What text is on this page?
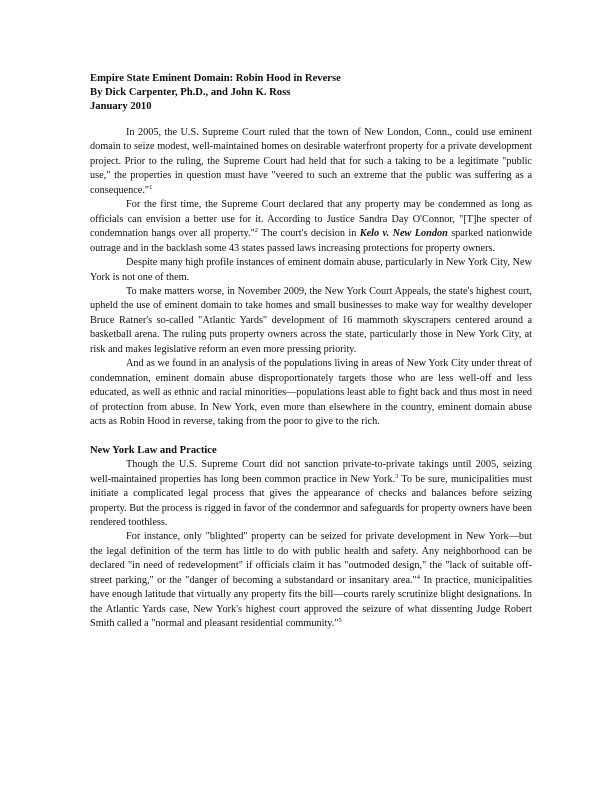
Empire State Eminent Domain: Robin Hood in Reverse

By Dick Carpenter, Ph.D., and John K. Ross

January 2010

In 2005, the U.S. Supreme Court ruled that the town of New London, Conn., could use eminent domain to seize modest, well-maintained homes on desirable waterfront property for a private development project. Prior to the ruling, the Supreme Court had held that for such a taking to be a legitimate "public use," the properties in question must have "veered to such an extreme that the public was suffering as a consequence."$^1$

For the first time, the Supreme Court declared that any property may be condemned as long as officials can envision a better use for it. According to Justice Sandra Day O'Connor, "[T]he specter of condemnation hangs over all property."$^2$ The court's decision in Kelo v. New London sparked nationwide outrage and in the backlash some 43 states passed laws increasing protections for property owners.

Despite many high profile instances of eminent domain abuse, particularly in New York City, New York is not one of them.

To make matters worse, in November 2009, the New York Court Appeals, the state's highest court, upheld the use of eminent domain to take homes and small businesses to make way for wealthy developer Bruce Ratner's so-called "Atlantic Yards" development of 16 mammoth skyscrapers centered around a basketball arena. The ruling puts property owners across the state, particularly those in New York City, at risk and makes legislative reform an even more pressing priority.

And as we found in an analysis of the populations living in areas of New York City under threat of condemnation, eminent domain abuse disproportionately targets those who are less well-off and less educated, as well as ethnic and racial minorities—populations least able to fight back and thus most in need of protection from abuse. In New York, even more than elsewhere in the country, eminent domain abuse acts as Robin Hood in reverse, taking from the poor to give to the rich.

New York Law and Practice

Though the U.S. Supreme Court did not sanction private-to-private takings until 2005, seizing well-maintained properties has long been common practice in New York.$^3$ To be sure, municipalities must initiate a complicated legal process that gives the appearance of checks and balances before seizing property. But the process is rigged in favor of the condemnor and safeguards for property owners have been rendered toothless.

For instance, only "blighted" property can be seized for private development in New York—but the legal definition of the term has little to do with public health and safety. Any neighborhood can be declared "in need of redevelopment" if officials claim it has "outmoded design," the "lack of suitable off-street parking," or the "danger of becoming a substandard or insanitary area."$^4$ In practice, municipalities have enough latitude that virtually any property fits the bill—courts rarely scrutinize blight designations. In the Atlantic Yards case, New York's highest court approved the seizure of what dissenting Judge Robert Smith called a "normal and pleasant residential community."$^5$
